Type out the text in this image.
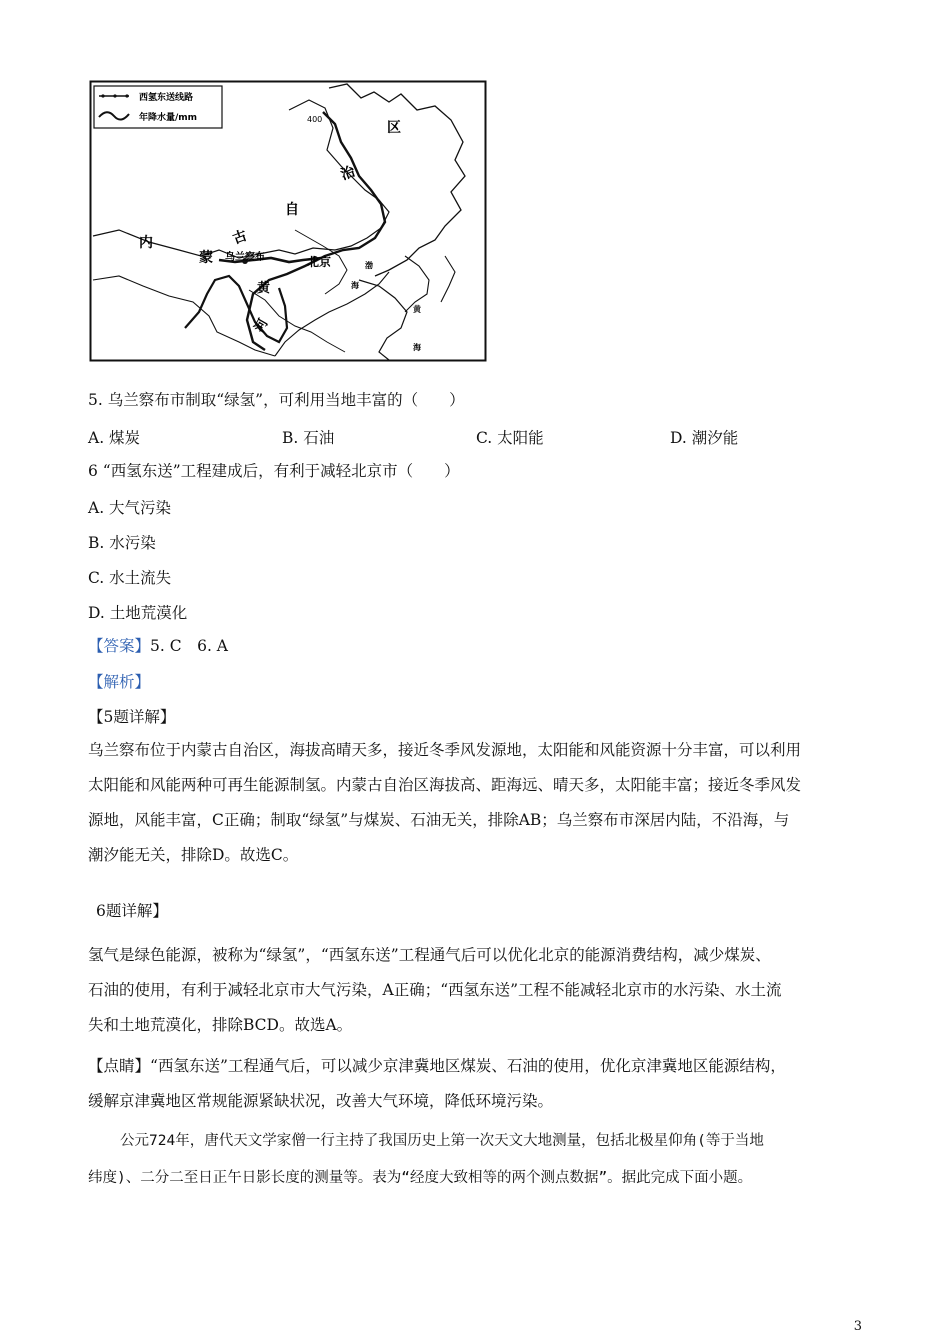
西氢东送线路
年降水量/mm	400
内
蒙
古
自
治
区
乌兰察布	北京
黄
河
渤
海
黄
海
5. 乌兰察布市制取“绿氢”，可利用当地丰富的（　　）
A. 煤炭	B. 石油	C. 太阳能	D. 潮汐能
6 “西氢东送”工程建成后，有利于减轻北京市（　　）
A. 大气污染
B. 水污染
C. 水土流失
D. 土地荒漠化
【答案】5. C　6. A
【解析】
【5题详解】
乌兰察布位于内蒙古自治区，海拔高晴天多，接近冬季风发源地，太阳能和风能资源十分丰富，可以利用
太阳能和风能两种可再生能源制氢。内蒙古自治区海拔高、距海远、晴天多，太阳能丰富；接近冬季风发
源地，风能丰富，C正确；制取“绿氢”与煤炭、石油无关，排除AB；乌兰察布市深居内陆，不沿海，与
潮汐能无关，排除D。故选C。
6题详解】
氢气是绿色能源，被称为“绿氢”，“西氢东送”工程通气后可以优化北京的能源消费结构，减少煤炭、
石油的使用，有利于减轻北京市大气污染，A正确；“西氢东送”工程不能减轻北京市的水污染、水土流
失和土地荒漠化，排除BCD。故选A。
【点睛】“西氢东送”工程通气后，可以减少京津冀地区煤炭、石油的使用，优化京津冀地区能源结构，
缓解京津冀地区常规能源紧缺状况，改善大气环境，降低环境污染。
公元724年，唐代天文学家僧一行主持了我国历史上第一次天文大地测量，包括北极星仰角(等于当地
纬度)、二分二至日正午日影长度的测量等。表为“经度大致相等的两个测点数据”。据此完成下面小题。
3
